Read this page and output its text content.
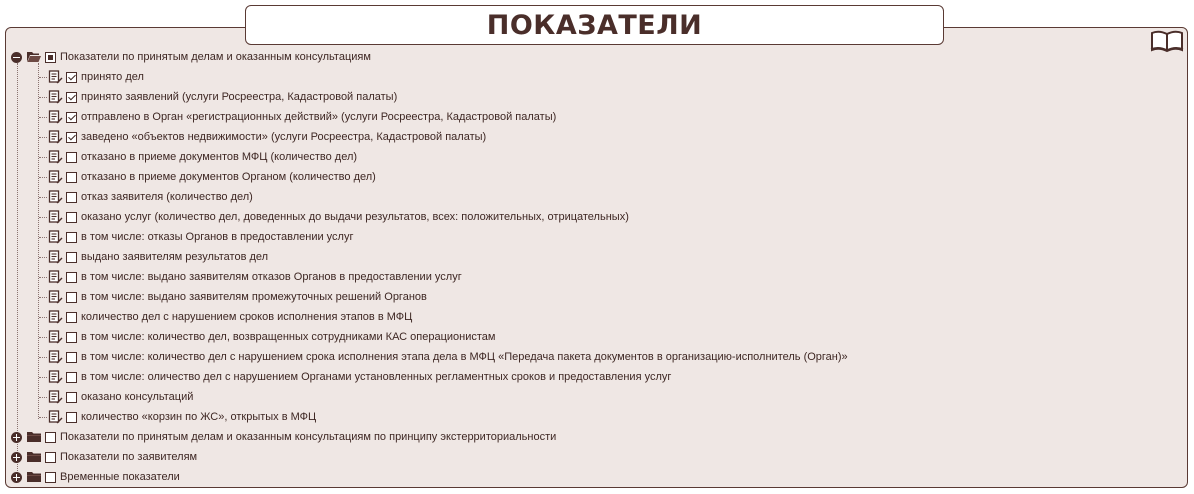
ПОКАЗАТЕЛИ
Показатели по принятым делам и оказанным консультациям
принято дел
принято заявлений (услуги Росреестра, Кадастровой палаты)
отправлено в Орган «регистрационных действий» (услуги Росреестра, Кадастровой палаты)
заведено «объектов недвижимости» (услуги Росреестра, Кадастровой палаты)
отказано в приеме документов МФЦ (количество дел)
отказано в приеме документов Органом (количество дел)
отказ заявителя (количество дел)
оказано услуг (количество дел, доведенных до выдачи результатов, всех: положительных, отрицательных)
в том числе: отказы Органов в предоставлении услуг
выдано заявителям результатов дел
в том числе: выдано заявителям отказов Органов в предоставлении услуг
в том числе: выдано заявителям промежуточных решений Органов
количество дел с нарушением сроков исполнения этапов в МФЦ
в том числе: количество дел, возвращенных сотрудниками КАС операционистам
в том числе: количество дел с нарушением срока исполнения этапа дела в МФЦ «Передача пакета документов в организацию-исполнитель (Орган)»
в том числе: оличество дел с нарушением Органами установленных регламентных сроков и предоставления услуг
оказано консультаций
количество «корзин по ЖС», открытых в МФЦ
Показатели по принятым делам и оказанным консультациям по принципу экстерриториальности
Показатели по заявителям
Временные показатели
